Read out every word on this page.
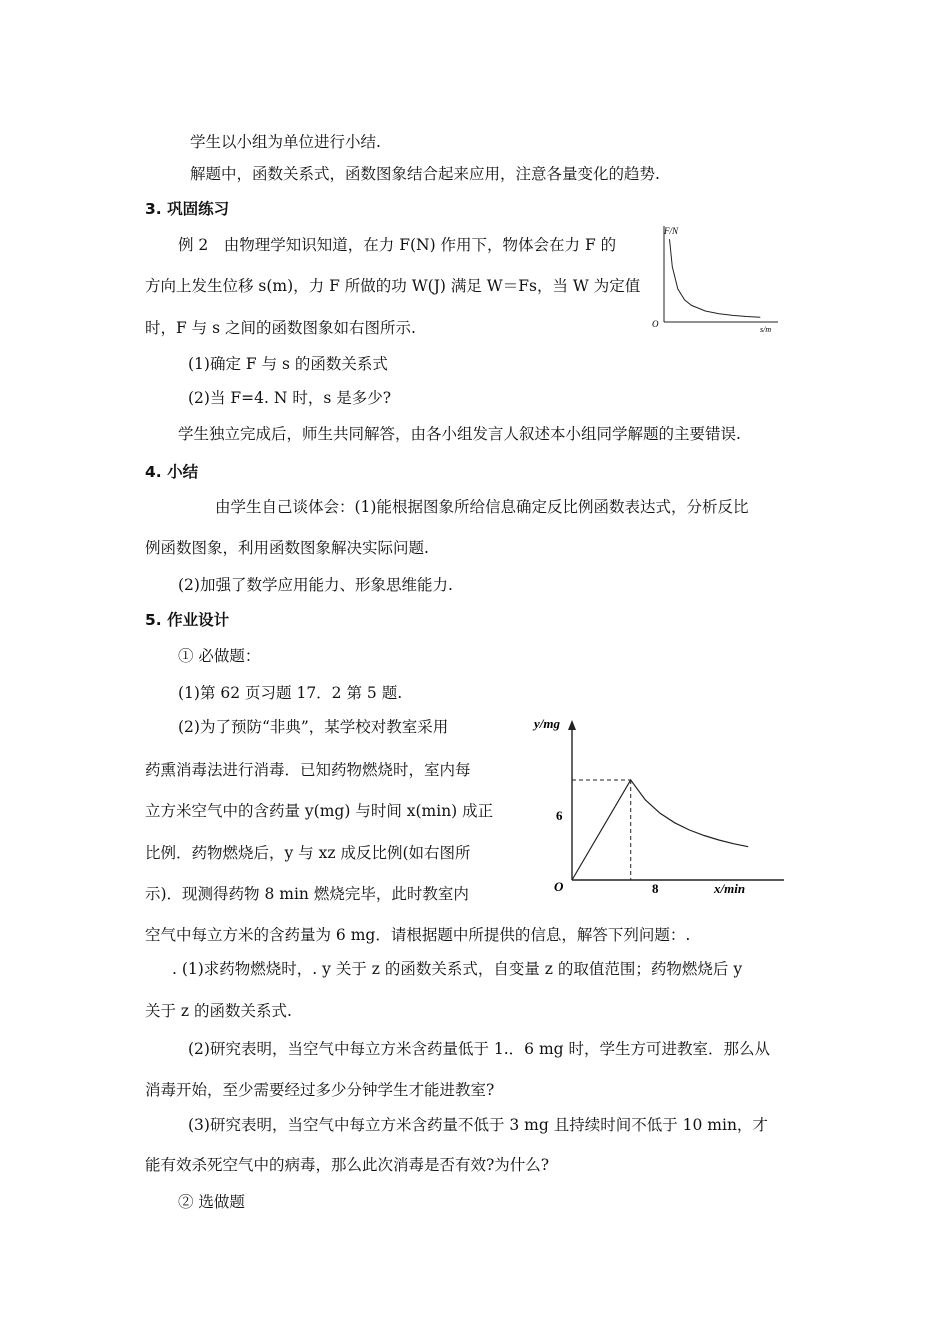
学生以小组为单位进行小结.
解题中，函数关系式，函数图象结合起来应用，注意各量变化的趋势.
3. 巩固练习
例 2　由物理学知识知道，在力 F(N) 作用下，物体会在力 F 的
方向上发生位移 s(m)，力 F 所做的功 W(J) 满足 W＝Fs，当 W 为定值
时，F 与 s 之间的函数图象如右图所示.
F/N
s/m
O
(1)确定 F 与 s 的函数关系式
(2)当 F=4. N 时，s 是多少?
学生独立完成后，师生共同解答，由各小组发言人叙述本小组同学解题的主要错误.
4. 小结
由学生自己谈体会：(1)能根据图象所给信息确定反比例函数表达式，分析反比
例函数图象，利用函数图象解决实际问题.
(2)加强了数学应用能力、形象思维能力.
5. 作业设计
① 必做题：
(1)第 62 页习题 17．2 第 5 题.
(2)为了预防“非典”，某学校对教室采用
药熏消毒法进行消毒．已知药物燃烧时，室内每
立方米空气中的含药量 y(mg) 与时间 x(min) 成正
比例．药物燃烧后，y 与 xz 成反比例(如右图所
示)．现测得药物 8 min 燃烧完毕，此时教室内
y/mg
x/min
O
6
8
空气中每立方米的含药量为 6 mg．请根据题中所提供的信息，解答下列问题：.
. (1)求药物燃烧时，. y 关于 z 的函数关系式，自变量 z 的取值范围；药物燃烧后 y
关于 z 的函数关系式.
(2)研究表明，当空气中每立方米含药量低于 1.．6 mg 时，学生方可进教室．那么从
消毒开始，至少需要经过多少分钟学生才能进教室?
(3)研究表明，当空气中每立方米含药量不低于 3 mg 且持续时间不低于 10 min，才
能有效杀死空气中的病毒，那么此次消毒是否有效?为什么?
② 选做题
